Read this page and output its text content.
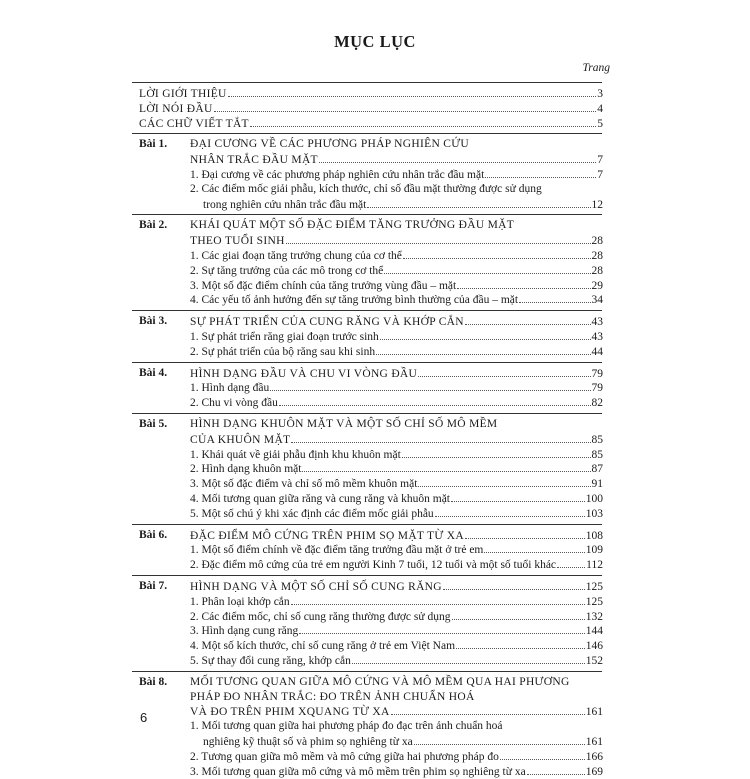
MỤC LỤC
Trang
6
LỜI GIỚI THIỆU	3
LỜI NÓI ĐẦU	4
CÁC CHỮ VIẾT TẮT	5
Bài 1. ĐẠI CƯƠNG VỀ CÁC PHƯƠNG PHÁP NGHIÊN CỨU
NHÂN TRẮC ĐẦU MẶT	7
1. Đại cương về các phương pháp nghiên cứu nhân trắc đầu mặt	7
2. Các điểm mốc giải phẫu, kích thước, chỉ số đầu mặt thường được sử dụng
trong nghiên cứu nhân trắc đầu mặt	12
Bài 2. KHÁI QUÁT MỘT SỐ ĐẶC ĐIỂM TĂNG TRƯỞNG ĐẦU MẶT
THEO TUỔI SINH	28
1. Các giai đoạn tăng trưởng chung của cơ thể	28
2. Sự tăng trưởng của các mô trong cơ thể	28
3. Một số đặc điểm chính của tăng trưởng vùng đầu – mặt	29
4. Các yếu tố ảnh hưởng đến sự tăng trưởng bình thường của đầu – mặt	34
Bài 3. SỰ PHÁT TRIỂN CỦA CUNG RĂNG VÀ KHỚP CẮN	43
1. Sự phát triển răng giai đoạn trước sinh	43
2. Sự phát triển của bộ răng sau khi sinh	44
Bài 4. HÌNH DẠNG ĐẦU VÀ CHU VI VÒNG ĐẦU	79
1. Hình dạng đầu	79
2. Chu vi vòng đầu	82
Bài 5. HÌNH DẠNG KHUÔN MẶT VÀ MỘT SỐ CHỈ SỐ MÔ MỀM
CỦA KHUÔN MẶT	85
1. Khái quát về giải phẫu định khu khuôn mặt	85
2. Hình dạng khuôn mặt	87
3. Một số đặc điểm và chỉ số mô mềm khuôn mặt	91
4. Mối tương quan giữa răng và cung răng và khuôn mặt	100
5. Một số chú ý khi xác định các điểm mốc giải phẫu	103
Bài 6. ĐẶC ĐIỂM MÔ CỨNG TRÊN PHIM SỌ MẶT TỪ XA	108
1. Một số điểm chính về đặc điểm tăng trưởng đầu mặt ở trẻ em	109
2. Đặc điểm mô cứng của trẻ em người Kinh 7 tuổi, 12 tuổi và một số tuổi khác	112
Bài 7. HÌNH DẠNG VÀ MỘT SỐ CHỈ SỐ CUNG RĂNG	125
1. Phân loại khớp cắn	125
2. Các điểm mốc, chỉ số cung răng thường được sử dụng	132
3. Hình dạng cung răng	144
4. Một số kích thước, chỉ số cung răng ở trẻ em Việt Nam	146
5. Sự thay đổi cung răng, khớp cắn	152
Bài 8. MỐI TƯƠNG QUAN GIỮA MÔ CỨNG VÀ MÔ MỀM QUA HAI PHƯƠNG
PHÁP ĐO NHÂN TRẮC: ĐO TRÊN ẢNH CHUẨN HOÁ
VÀ ĐO TRÊN PHIM XQUANG TỪ XA	161
1. Mối tương quan giữa hai phương pháp đo đạc trên ảnh chuẩn hoá
nghiêng kỹ thuật số và phim sọ nghiêng từ xa	161
2. Tương quan giữa mô mềm và mô cứng giữa hai phương pháp đo	166
3. Mối tương quan giữa mô cứng và mô mềm trên phim sọ nghiêng từ xa	169
